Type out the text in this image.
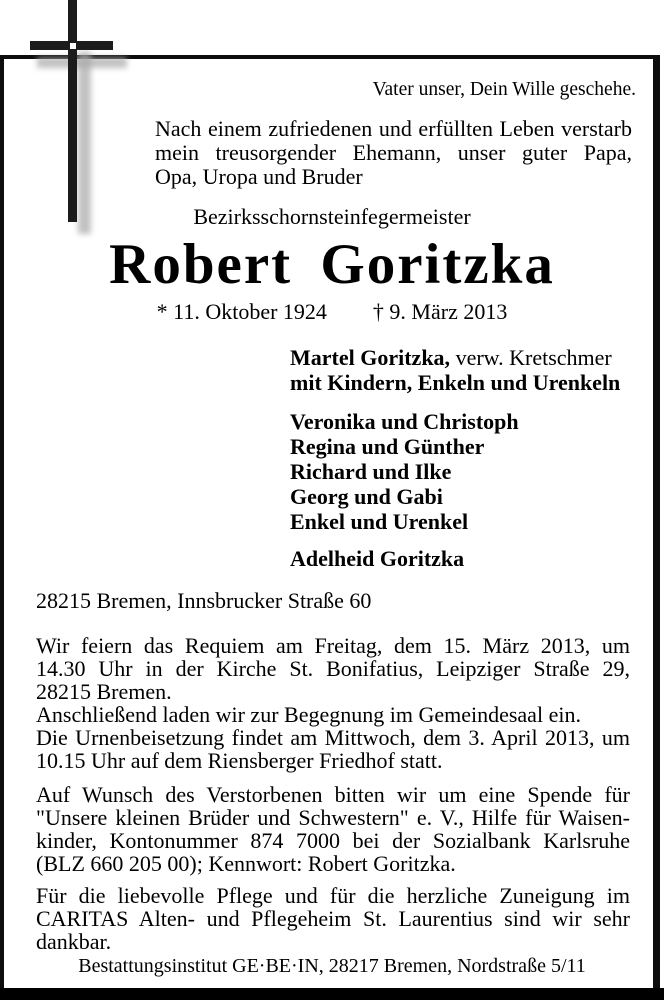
Vater unser, Dein Wille geschehe.
Nach einem zufriedenen und erfüllten Leben verstarb
mein treusorgender Ehemann, unser guter Papa,
Opa, Uropa und Bruder
Bezirksschornsteinfegermeister
Robert Goritzka
* 11. Oktober 1924 † 9. März 2013
Martel Goritzka, verw. Kretschmer
mit Kindern, Enkeln und Urenkeln
Veronika und Christoph
Regina und Günther
Richard und Ilke
Georg und Gabi
Enkel und Urenkel
Adelheid Goritzka
28215 Bremen, Innsbrucker Straße 60
Wir feiern das Requiem am Freitag, dem 15. März 2013, um
14.30 Uhr in der Kirche St. Bonifatius, Leipziger Straße 29,
28215 Bremen.
Anschließend laden wir zur Begegnung im Gemeindesaal ein.
Die Urnenbeisetzung findet am Mittwoch, dem 3. April 2013, um
10.15 Uhr auf dem Riensberger Friedhof statt.
Auf Wunsch des Verstorbenen bitten wir um eine Spende für
"Unsere kleinen Brüder und Schwestern" e. V., Hilfe für Waisen-
kinder, Kontonummer 874 7000 bei der Sozialbank Karlsruhe
(BLZ 660 205 00); Kennwort: Robert Goritzka.
Für die liebevolle Pflege und für die herzliche Zuneigung im
CARITAS Alten- und Pflegeheim St. Laurentius sind wir sehr
dankbar.
Bestattungsinstitut GE·BE·IN, 28217 Bremen, Nordstraße 5/11
